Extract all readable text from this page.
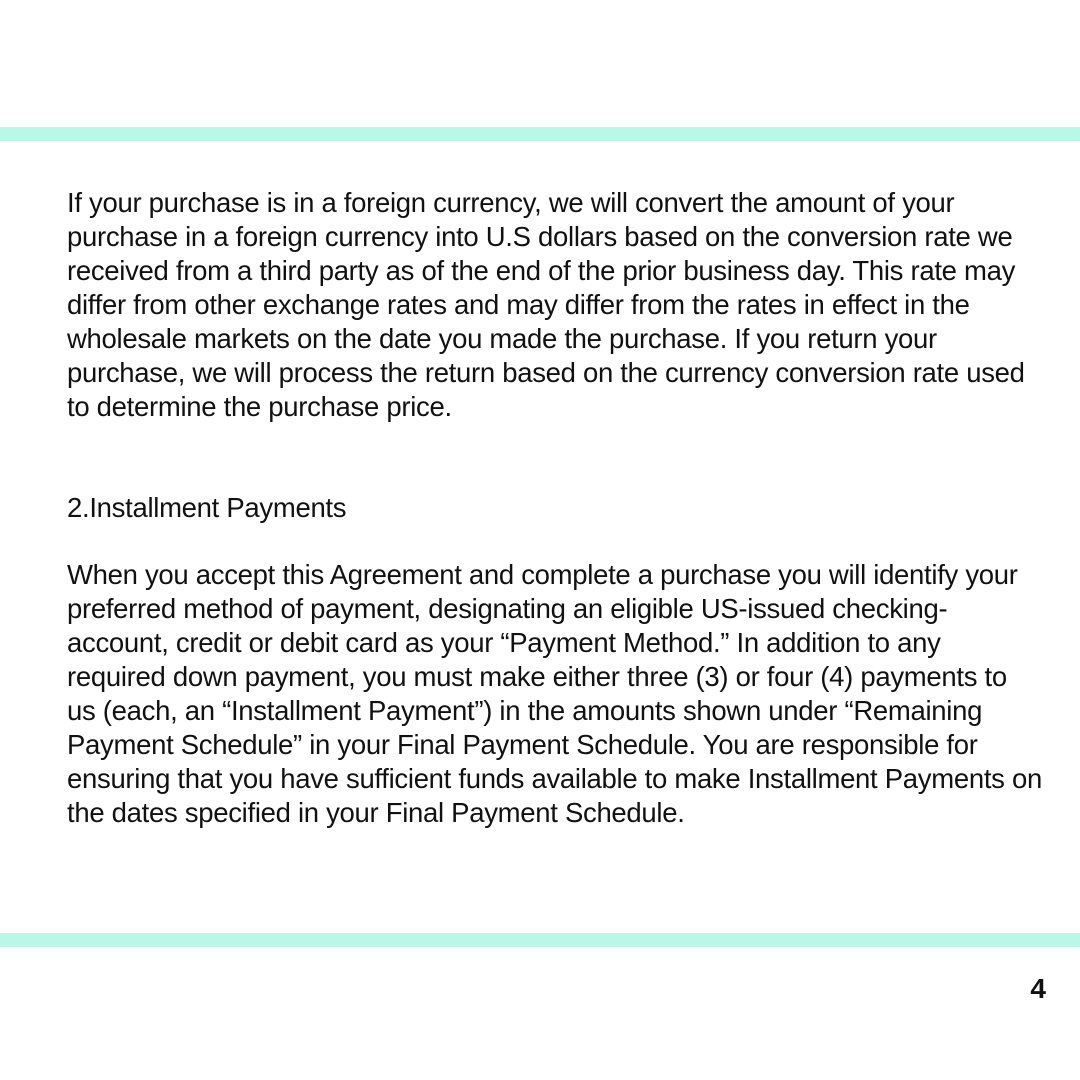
If your purchase is in a foreign currency, we will convert the amount of your purchase in a foreign currency into U.S dollars based on the conversion rate we received from a third party as of the end of the prior business day. This rate may differ from other exchange rates and may differ from the rates in effect in the wholesale markets on the date you made the purchase. If you return your purchase, we will process the return based on the currency conversion rate used to determine the purchase price.

2.Installment Payments

When you accept this Agreement and complete a purchase you will identify your preferred method of payment, designating an eligible US-issued checking-account, credit or debit card as your “Payment Method.” In addition to any required down payment, you must make either three (3) or four (4) payments to us (each, an “Installment Payment”) in the amounts shown under “Remaining Payment Schedule” in your Final Payment Schedule. You are responsible for ensuring that you have sufficient funds available to make Installment Payments on the dates specified in your Final Payment Schedule.

4
